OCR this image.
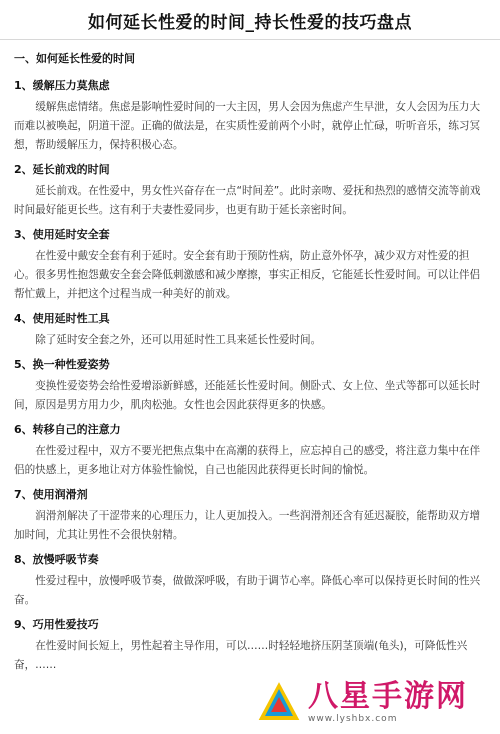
如何延长性爱的时间_持长性爱的技巧盘点
一、如何延长性爱的时间
1、缓解压力莫焦虑
缓解焦虑情绪。焦虑是影响性爱时间的一大主因，男人会因为焦虑产生早泄，女人会因为压力大而难以被唤起，阴道干涩。正确的做法是，在实质性爱前两个小时，就停止忙碌，听听音乐，练习冥想，帮助缓解压力，保持积极心态。
2、延长前戏的时间
延长前戏。在性爱中，男女性兴奋存在一点“时间差”。此时亲吻、爱抚和热烈的感情交流等前戏时间最好能更长些。这有利于夫妻性爱同步，也更有助于延长亲密时间。
3、使用延时安全套
在性爱中戴安全套有利于延时。安全套有助于预防性病，防止意外怀孕，减少双方对性爱的担心。很多男性抱怨戴安全套会降低刺激感和减少摩擦，事实正相反，它能延长性爱时间。可以让伴侣帮忙戴上，并把这个过程当成一种美好的前戏。
4、使用延时性工具
除了延时安全套之外，还可以用延时性工具来延长性爱时间。
5、换一种性爱姿势
变换性爱姿势会给性爱增添新鲜感，还能延长性爱时间。侧卧式、女上位、坐式等都可以延长时间，原因是男方用力少，肌肉松弛。女性也会因此获得更多的快感。
6、转移自己的注意力
在性爱过程中，双方不要光把焦点集中在高潮的获得上，应忘掉自己的感受，将注意力集中在伴侣的快感上，更多地让对方体验性愉悦，自己也能因此获得更长时间的愉悦。
7、使用润滑剂
润滑剂解决了干涩带来的心理压力，让人更加投入。一些润滑剂还含有延迟凝胶，能帮助双方增加时间，尤其让男性不会很快射精。
8、放慢呼吸节奏
性爱过程中，放慢呼吸节奏，做做深呼吸，有助于调节心率。降低心率可以保持更长时间的性兴奋。
9、巧用性爱技巧
在性爱时间长短上，男性起着主导作用，可以……时轻轻地挤压阴茎顶端(龟头)，可降低性兴奋，……
八星手游网
www.lyshbx.com
